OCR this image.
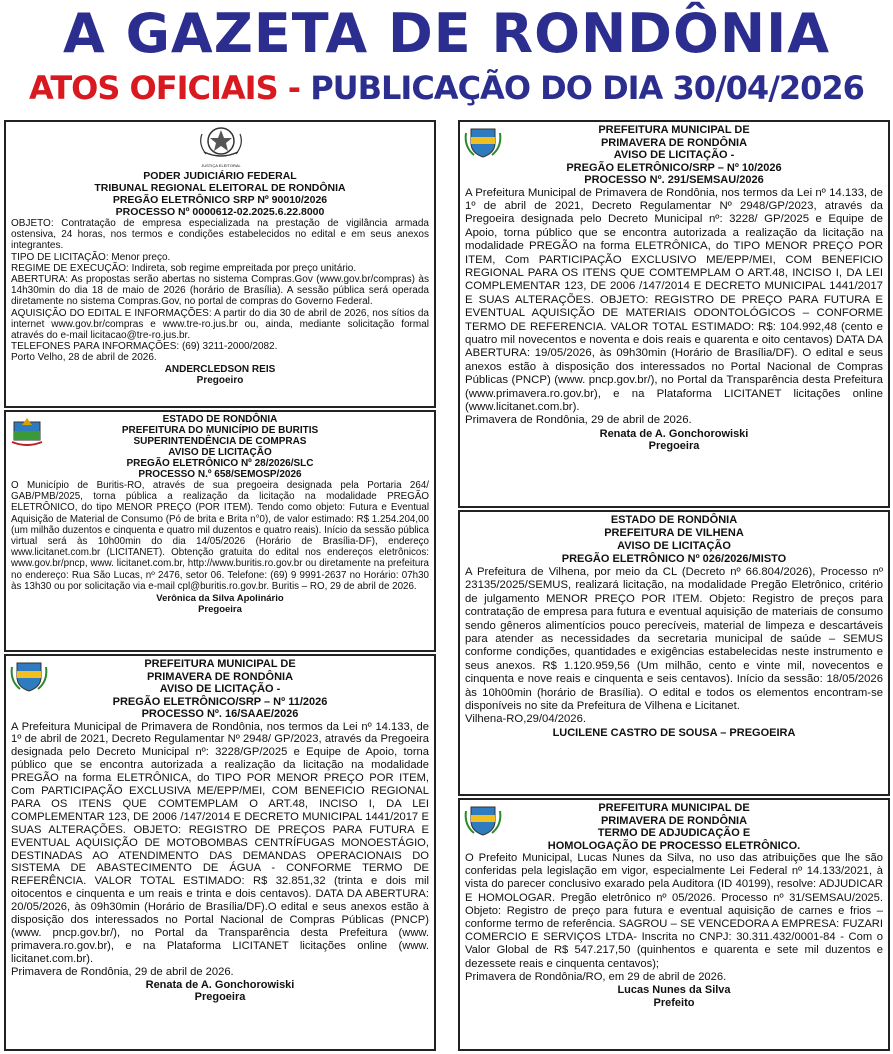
A GAZETA DE RONDÔNIA
ATOS OFICIAIS - PUBLICAÇÃO DO DIA 30/04/2026
JUSTIÇA ELEITORAL
PODER JUDICIÁRIO FEDERAL
TRIBUNAL REGIONAL ELEITORAL DE RONDÔNIA
PREGÃO ELETRÔNICO SRP Nº 90010/2026
PROCESSO Nº 0000612-02.2025.6.22.8000

OBJETO: Contratação de empresa especializada na prestação de vigilância armada ostensiva, 24 horas, nos termos e condições estabelecidos no edital e em seus anexos integrantes.

TIPO DE LICITAÇÃO: Menor preço.

REGIME DE EXECUÇÃO: Indireta, sob regime empreitada por preço unitário.

ABERTURA: As propostas serão abertas no sistema Compras.Gov (www.gov.br/compras) às 14h30min do dia 18 de maio de 2026 (horário de Brasília). A sessão pública será operada diretamente no sistema Compras.Gov, no portal de compras do Governo Federal.

AQUISIÇÃO DO EDITAL E INFORMAÇÕES: A partir do dia 30 de abril de 2026, nos sítios da internet www.gov.br/compras e www.tre-ro.jus.br ou, ainda, mediante solicitação formal através do e-mail licitacao@tre-ro.jus.br.

TELEFONES PARA INFORMAÇÕES: (69) 3211-2000/2082.

Porto Velho, 28 de abril de 2026.

ANDERCLEDSON REIS
Pregoeiro
ESTADO DE RONDÔNIA
PREFEITURA DO MUNICÍPIO DE BURITIS
SUPERINTENDÊNCIA DE COMPRAS
AVISO DE LICITAÇÃO
PREGÃO ELETRÔNICO Nº 28/2026/SLC
PROCESSO N.º 658/SEMOSP/2026

O Município de Buritis-RO, através de sua pregoeira designada pela Portaria 264/ GAB/PMB/2025, torna pública a realização da licitação na modalidade PREGÃO ELETRÔNICO, do tipo MENOR PREÇO (POR ITEM). Tendo como objeto: Futura e Eventual Aquisição de Material de Consumo (Pó de brita e Brita n°0), de valor estimado: R$ 1.254.204,00 (um milhão duzentos e cinquenta e quatro mil duzentos e quatro reais). Início da sessão pública virtual será às 10h00min do dia 14/05/2026 (Horário de Brasília-DF), endereço www.licitanet.com.br (LICITANET). Obtenção gratuita do edital nos endereços eletrônicos: www.gov.br/pncp, www. licitanet.com.br, http://www.buritis.ro.gov.br ou diretamente na prefeitura no endereço: Rua São Lucas, nº 2476, setor 06. Telefone: (69) 9 9991-2637 no Horário: 07h30 às 13h30 ou por solicitação via e-mail cpl@buritis.ro.gov.br. Buritis – RO, 29 de abril de 2026.

Verônica da Silva Apolinário
Pregoeira
PREFEITURA MUNICIPAL DE
PRIMAVERA DE RONDÔNIA
AVISO DE LICITAÇÃO -
PREGÃO ELETRÔNICO/SRP – Nº 11/2026
PROCESSO Nº. 16/SAAE/2026

A Prefeitura Municipal de Primavera de Rondônia, nos termos da Lei nº 14.133, de 1º de abril de 2021, Decreto Regulamentar Nº 2948/ GP/2023, através da Pregoeira designada pelo Decreto Municipal nº: 3228/GP/2025 e Equipe de Apoio, torna público que se encontra autorizada a realização da licitação na modalidade PREGÃO na forma ELETRÔNICA, do TIPO POR MENOR PREÇO POR ITEM, Com PARTICIPAÇÃO EXCLUSIVA ME/EPP/MEI, COM BENEFICIO REGIONAL PARA OS ITENS QUE COMTEMPLAM O ART.48, INCISO I, DA LEI COMPLEMENTAR 123, DE 2006 /147/2014 E DECRETO MUNICIPAL 1441/2017 E SUAS ALTERAÇÕES. OBJETO: REGISTRO DE PREÇOS PARA FUTURA E EVENTUAL AQUISIÇÃO DE MOTOBOMBAS CENTRÍFUGAS MONOESTÁGIO, DESTINADAS AO ATENDIMENTO DAS DEMANDAS OPERACIONAIS DO SISTEMA DE ABASTECIMENTO DE ÁGUA - CONFORME TERMO DE REFERÊNCIA. VALOR TOTAL ESTIMADO: R$ 32.851,32 (trinta e dois mil oitocentos e cinquenta e um reais e trinta e dois centavos). DATA DA ABERTURA: 20/05/2026, às 09h30min (Horário de Brasília/DF).O edital e seus anexos estão à disposição dos interessados no Portal Nacional de Compras Públicas (PNCP) (www. pncp.gov.br/), no Portal da Transparência desta Prefeitura (www. primavera.ro.gov.br), e na Plataforma LICITANET licitações online (www. licitanet.com.br).

Primavera de Rondônia, 29 de abril de 2026.

Renata de A. Gonchorowiski
Pregoeira
PREFEITURA MUNICIPAL DE
PRIMAVERA DE RONDÔNIA
AVISO DE LICITAÇÃO -
PREGÃO ELETRÔNICO/SRP – Nº 10/2026
PROCESSO Nº. 291/SEMSAU/2026

A Prefeitura Municipal de Primavera de Rondônia, nos termos da Lei nº 14.133, de 1º de abril de 2021, Decreto Regulamentar Nº 2948/GP/2023, através da Pregoeira designada pelo Decreto Municipal nº: 3228/ GP/2025 e Equipe de Apoio, torna público que se encontra autorizada a realização da licitação na modalidade PREGÃO na forma ELETRÔNICA, do TIPO MENOR PREÇO POR ITEM, Com PARTICIPAÇÃO EXCLUSIVO ME/EPP/MEI, COM BENEFICIO REGIONAL PARA OS ITENS QUE COMTEMPLAM O ART.48, INCISO I, DA LEI COMPLEMENTAR 123, DE 2006 /147/2014 E DECRETO MUNICIPAL 1441/2017 E SUAS ALTERAÇÕES. OBJETO: REGISTRO DE PREÇO PARA FUTURA E EVENTUAL AQUISIÇÃO DE MATERIAIS ODONTOLÓGICOS – CONFORME TERMO DE REFERENCIA. VALOR TOTAL ESTIMADO: R$: 104.992,48 (cento e quatro mil novecentos e noventa e dois reais e quarenta e oito centavos) DATA DA ABERTURA: 19/05/2026, às 09h30min (Horário de Brasília/DF). O edital e seus anexos estão à disposição dos interessados no Portal Nacional de Compras Públicas (PNCP) (www. pncp.gov.br/), no Portal da Transparência desta Prefeitura (www.primavera.ro.gov.br), e na Plataforma LICITANET licitações online (www.licitanet.com.br).

Primavera de Rondônia, 29 de abril de 2026.

Renata de A. Gonchorowiski
Pregoeira
ESTADO DE RONDÔNIA
PREFEITURA DE VILHENA
AVISO DE LICITAÇÃO
PREGÃO ELETRÔNICO Nº 026/2026/MISTO

A Prefeitura de Vilhena, por meio da CL (Decreto nº 66.804/2026), Processo nº 23135/2025/SEMUS, realizará licitação, na modalidade Pregão Eletrônico, critério de julgamento MENOR PREÇO POR ITEM. Objeto: Registro de preços para contratação de empresa para futura e eventual aquisição de materiais de consumo sendo gêneros alimentícios pouco perecíveis, material de limpeza e descartáveis para atender as necessidades da secretaria municipal de saúde – SEMUS conforme condições, quantidades e exigências estabelecidas neste instrumento e seus anexos. R$ 1.120.959,56 (Um milhão, cento e vinte mil, novecentos e cinquenta e nove reais e cinquenta e seis centavos). Início da sessão: 18/05/2026 às 10h00min (horário de Brasília). O edital e todos os elementos encontram-se disponíveis no site da Prefeitura de Vilhena e Licitanet.

Vilhena-RO,29/04/2026.

LUCILENE CASTRO DE SOUSA – PREGOEIRA
PREFEITURA MUNICIPAL DE
PRIMAVERA DE RONDÔNIA
TERMO DE ADJUDICAÇÃO E
HOMOLOGAÇÃO DE PROCESSO ELETRÔNICO.

O Prefeito Municipal, Lucas Nunes da Silva, no uso das atribuições que lhe são conferidas pela legislação em vigor, especialmente Lei Federal nº 14.133/2021, à vista do parecer conclusivo exarado pela Auditora (ID 40199), resolve: ADJUDICAR E HOMOLOGAR. Pregão eletrônico nº 05/2026. Processo nº 31/SEMSAU/2025. Objeto: Registro de preço para futura e eventual aquisição de carnes e frios – conforme termo de referência. SAGROU – SE VENCEDORA A EMPRESA: FUZARI COMERCIO E SERVIÇOS LTDA- Inscrita no CNPJ: 30.311.432/0001-84 - Com o Valor Global de R$ 547.217,50 (quinhentos e quarenta e sete mil duzentos e dezessete reais e cinquenta centavos);

Primavera de Rondônia/RO, em 29 de abril de 2026.

Lucas Nunes da Silva
Prefeito
